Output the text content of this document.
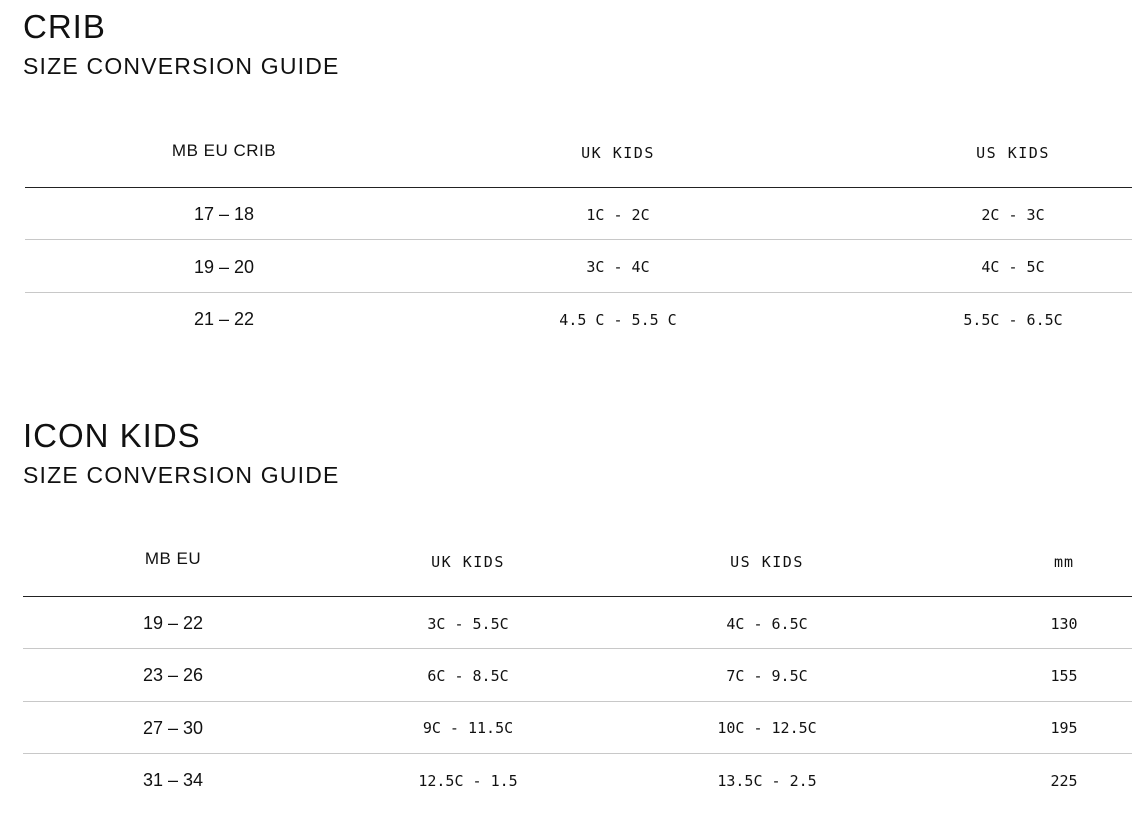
CRIB
SIZE CONVERSION GUIDE
MB EU CRIB	UK KIDS	US KIDS
17 – 18	1C - 2C	2C - 3C
19 – 20	3C - 4C	4C - 5C
21 – 22	4.5 C - 5.5 C	5.5C - 6.5C
ICON KIDS
SIZE CONVERSION GUIDE
MB EU	UK KIDS	US KIDS	mm
19 – 22	3C - 5.5C	4C - 6.5C	130
23 – 26	6C - 8.5C	7C - 9.5C	155
27 – 30	9C - 11.5C	10C - 12.5C	195
31 – 34	12.5C - 1.5	13.5C - 2.5	225
